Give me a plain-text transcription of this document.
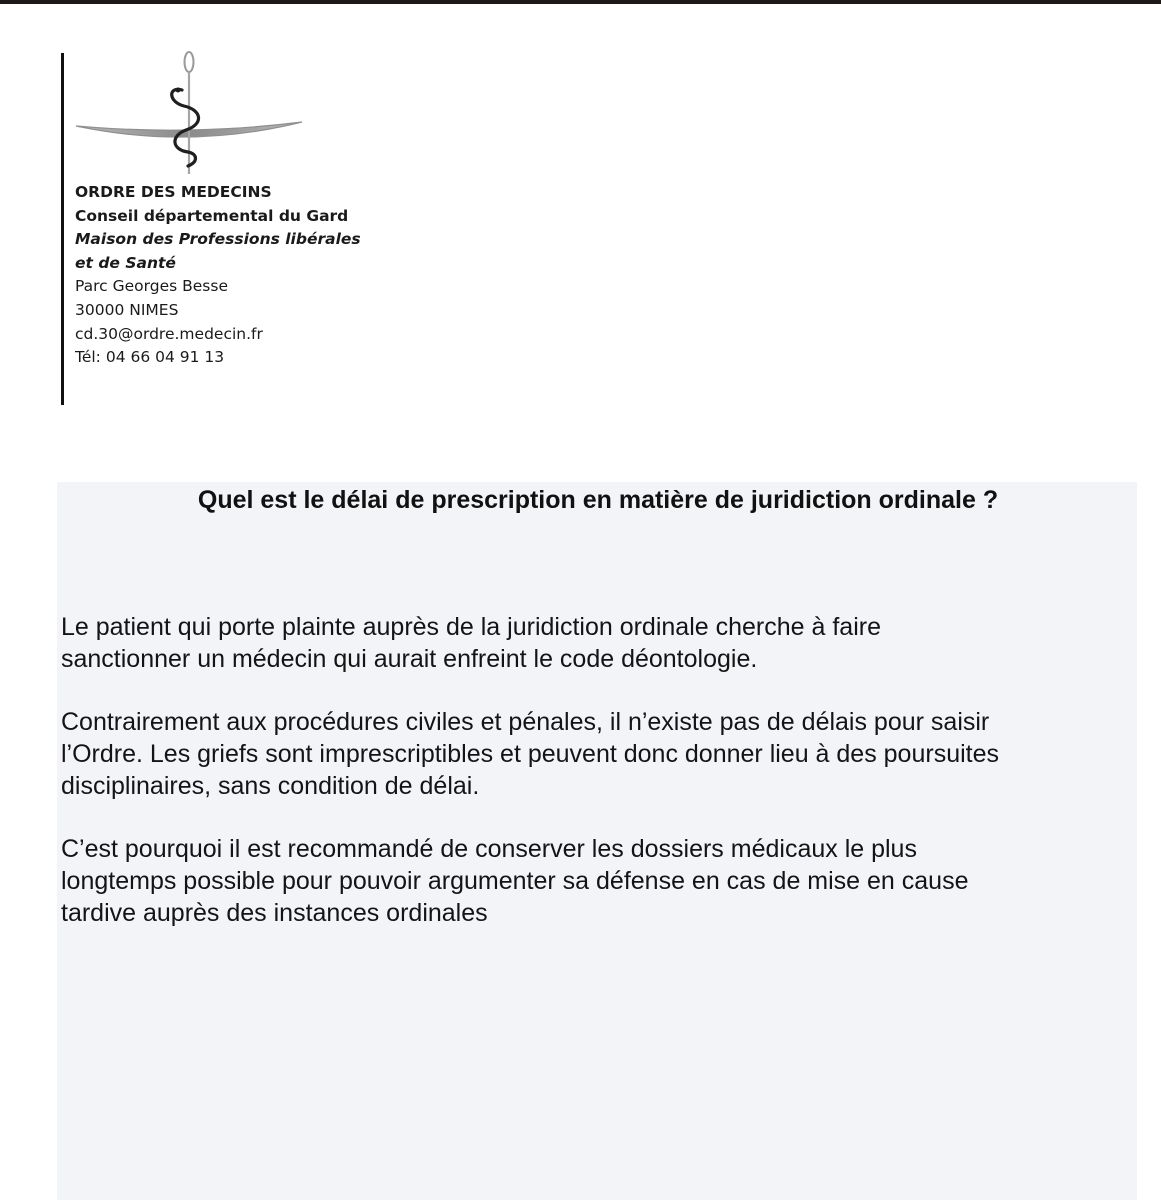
ORDRE DES MEDECINS
Conseil départemental du Gard
Maison des Professions libérales
et de Santé
Parc Georges Besse
30000 NIMES
cd.30@ordre.medecin.fr
Tél: 04 66 04 91 13
Quel est le délai de prescription en matière de juridiction ordinale ?
Le patient qui porte plainte auprès de la juridiction ordinale cherche à faire
sanctionner un médecin qui aurait enfreint le code déontologie.
Contrairement aux procédures civiles et pénales, il n’existe pas de délais pour saisir
l’Ordre. Les griefs sont imprescriptibles et peuvent donc donner lieu à des poursuites
disciplinaires, sans condition de délai.
C’est pourquoi il est recommandé de conserver les dossiers médicaux le plus
longtemps possible pour pouvoir argumenter sa défense en cas de mise en cause
tardive auprès des instances ordinales
